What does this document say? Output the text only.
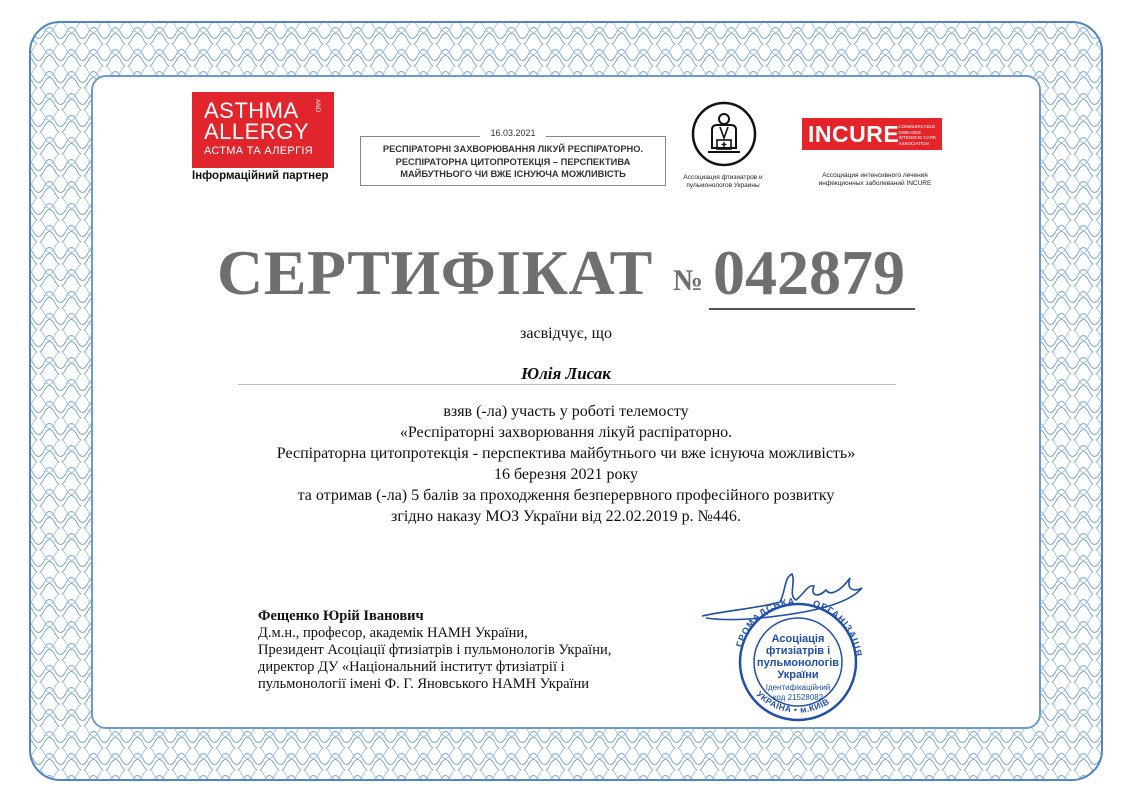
ASTHMA
ALLERGY
АСТМА ТА АЛЕРГІЯ
AND
Інформаційний партнер
РЕСПІРАТОРНІ ЗАХВОРЮВАННЯ ЛІКУЙ РЕСПІРАТОРНО.
РЕСПІРАТОРНА ЦИТОПРОТЕКЦІЯ – ПЕРСПЕКТИВА
МАЙБУТНЬОГО ЧИ ВЖЕ ІСНУЮЧА МОЖЛИВІСТЬ
16.03.2021
Ассоциация фтизиатров и
пульмонологов Украины
INCURE COMMUNICABLE
DISEASES
INTENSIVE CARE
ASSOCIATION
Ассоциация интенсивного лечения
инфекционных заболеваний INCURE
СЕРТИФІКАТ № 042879
засвідчує, що
Юлія Лисак
взяв (-ла) участь у роботі телемосту
«Респіраторні захворювання лікуй распіраторно.
Респіраторна цитопротекція - перспектива майбутнього чи вже існуюча можливість»
16 березня 2021 року
та отримав (-ла) 5 балів за проходження безперервного професійного розвитку
згідно наказу МОЗ України від 22.02.2019 р. №446.
Фещенко Юрій Іванович
Д.м.н., професор, академік НАМН України,
Президент Асоціації фтизіатрів і пульмонологів України,
директор ДУ «Національний інститут фтизіатрії і
пульмонології імені Ф. Г. Яновського НАМН України
ГРОМАДСЬКА ОРГАНІЗАЦІЯ
УКРАЇНА • м.КИЇВ
Асоціація
фтизіатрів і
пульмонологів
України
Ідентифікаційний
код 21528082
